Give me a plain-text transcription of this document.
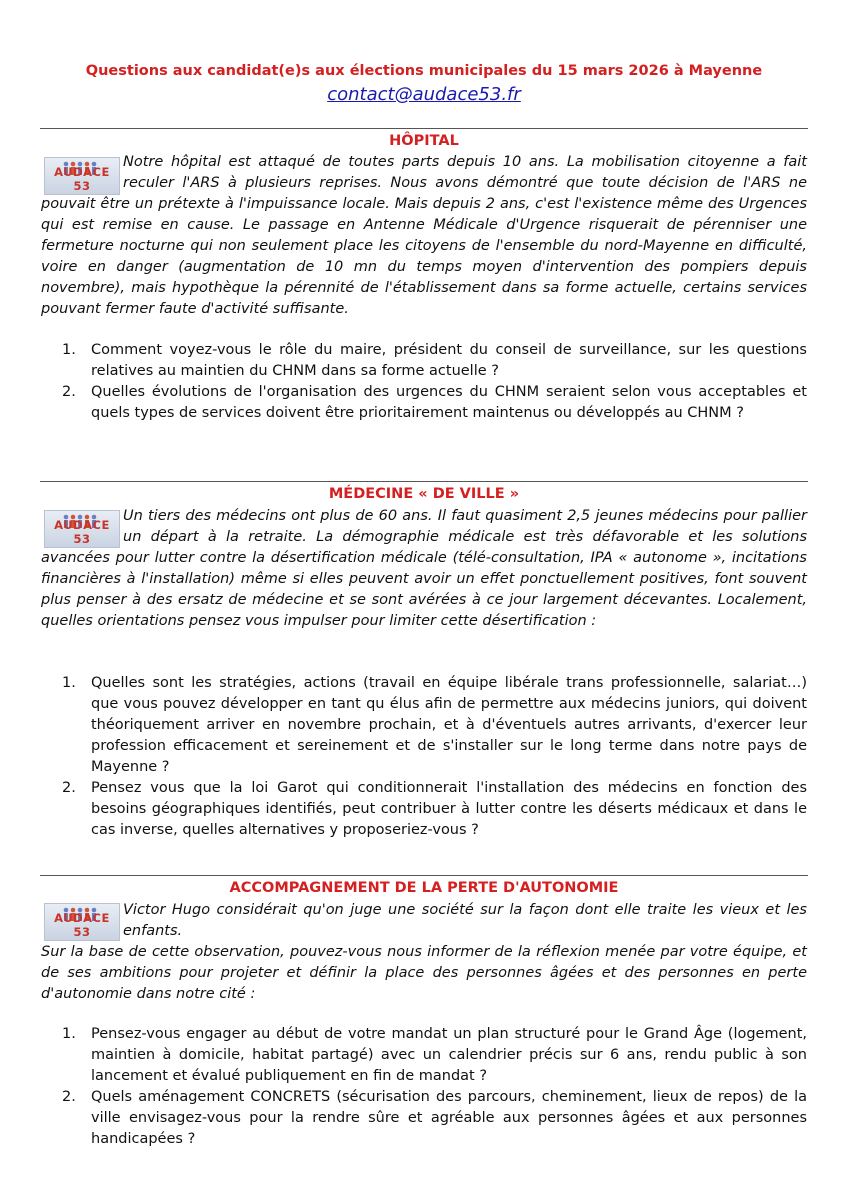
Questions aux candidat(e)s aux élections municipales du 15 mars 2026 à Mayenne
contact@audace53.fr
HÔPITAL
AUDACE 53

Notre hôpital est attaqué de toutes parts depuis 10 ans. La mobilisation citoyenne a fait reculer l'ARS à plusieurs reprises. Nous avons démontré que toute décision de l'ARS ne pouvait être un prétexte à l'impuissance locale. Mais depuis 2 ans, c'est l'existence même des Urgences qui est remise en cause. Le passage en Antenne Médicale d'Urgence risquerait de pérenniser une fermeture nocturne qui non seulement place les citoyens de l'ensemble du nord-Mayenne en difficulté, voire en danger (augmentation de 10 mn du temps moyen d'intervention des pompiers depuis novembre), mais hypothèque la pérennité de l'établissement dans sa forme actuelle, certains services pouvant fermer faute d'activité suffisante.

1. Comment voyez-vous le rôle du maire, président du conseil de surveillance, sur les questions relatives au maintien du CHNM dans sa forme actuelle ?
2. Quelles évolutions de l'organisation des urgences du CHNM seraient selon vous acceptables et quels types de services doivent être prioritairement maintenus ou développés au CHNM ?
MÉDECINE « DE VILLE »
AUDACE 53

Un tiers des médecins ont plus de 60 ans. Il faut quasiment 2,5 jeunes médecins pour pallier un départ à la retraite. La démographie médicale est très défavorable et les solutions avancées pour lutter contre la désertification médicale (télé-consultation, IPA « autonome », incitations financières à l'installation) même si elles peuvent avoir un effet ponctuellement positives, font souvent plus penser à des ersatz de médecine et se sont avérées à ce jour largement décevantes. Localement, quelles orientations pensez vous impulser pour limiter cette désertification :

1. Quelles sont les stratégies, actions (travail en équipe libérale trans professionnelle, salariat…) que vous pouvez développer en tant qu élus afin de permettre aux médecins juniors, qui doivent théoriquement arriver en novembre prochain, et à d'éventuels autres arrivants, d'exercer leur profession efficacement et sereinement et de s'installer sur le long terme dans notre pays de Mayenne ?
2. Pensez vous que la loi Garot qui conditionnerait l'installation des médecins en fonction des besoins géographiques identifiés, peut contribuer à lutter contre les déserts médicaux et dans le cas inverse, quelles alternatives y proposeriez-vous ?
ACCOMPAGNEMENT DE LA PERTE D'AUTONOMIE
AUDACE 53

Victor Hugo considérait qu'on juge une société sur la façon dont elle traite les vieux et les enfants.

Sur la base de cette observation, pouvez-vous nous informer de la réflexion menée par votre équipe, et de ses ambitions pour projeter et définir la place des personnes âgées et des personnes en perte d'autonomie dans notre cité :

1. Pensez-vous engager au début de votre mandat un plan structuré pour le Grand Âge (logement, maintien à domicile, habitat partagé) avec un calendrier précis sur 6 ans, rendu public à son lancement et évalué publiquement en fin de mandat ?
2. Quels aménagement CONCRETS (sécurisation des parcours, cheminement, lieux de repos) de la ville envisagez-vous pour la rendre sûre et agréable aux personnes âgées et aux personnes handicapées ?
